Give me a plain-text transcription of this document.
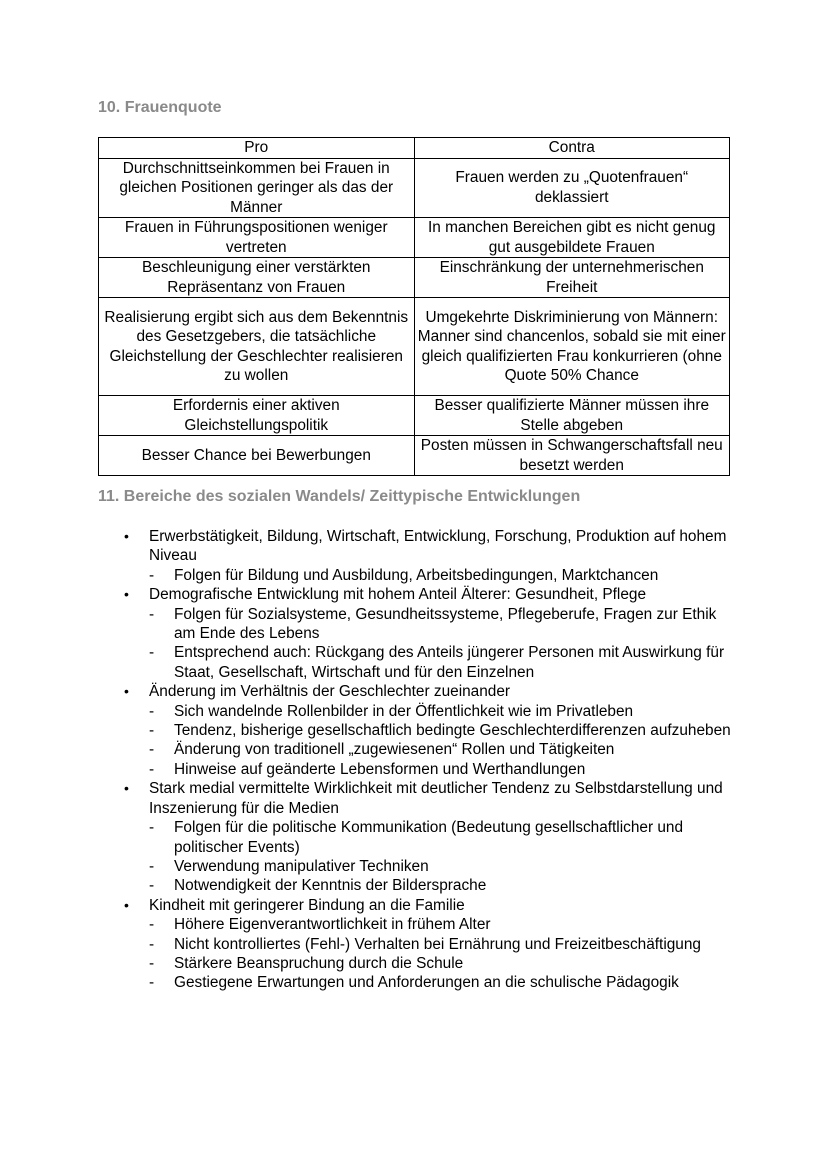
10. Frauenquote
Pro	Contra
Durchschnittseinkommen bei Frauen in gleichen Positionen geringer als das der Männer	Frauen werden zu „Quotenfrauen“ deklassiert
Frauen in Führungspositionen weniger vertreten	In manchen Bereichen gibt es nicht genug gut ausgebildete Frauen
Beschleunigung einer verstärkten Repräsentanz von Frauen	Einschränkung der unternehmerischen Freiheit
Realisierung ergibt sich aus dem Bekenntnis des Gesetzgebers, die tatsächliche Gleichstellung der Geschlechter realisieren zu wollen	Umgekehrte Diskriminierung von Männern: Manner sind chancenlos, sobald sie mit einer gleich qualifizierten Frau konkurrieren (ohne Quote 50% Chance
Erfordernis einer aktiven Gleichstellungspolitik	Besser qualifizierte Männer müssen ihre Stelle abgeben
Besser Chance bei Bewerbungen	Posten müssen in Schwangerschaftsfall neu besetzt werden
11. Bereiche des sozialen Wandels/ Zeittypische Entwicklungen
• Erwerbstätigkeit, Bildung, Wirtschaft, Entwicklung, Forschung, Produktion auf hohem Niveau
- Folgen für Bildung und Ausbildung, Arbeitsbedingungen, Marktchancen
• Demografische Entwicklung mit hohem Anteil Älterer: Gesundheit, Pflege
- Folgen für Sozialsysteme, Gesundheitssysteme, Pflegeberufe, Fragen zur Ethik am Ende des Lebens
- Entsprechend auch: Rückgang des Anteils jüngerer Personen mit Auswirkung für Staat, Gesellschaft, Wirtschaft und für den Einzelnen
• Änderung im Verhältnis der Geschlechter zueinander
- Sich wandelnde Rollenbilder in der Öffentlichkeit wie im Privatleben
- Tendenz, bisherige gesellschaftlich bedingte Geschlechterdifferenzen aufzuheben
- Änderung von traditionell „zugewiesenen“ Rollen und Tätigkeiten
- Hinweise auf geänderte Lebensformen und Werthandlungen
• Stark medial vermittelte Wirklichkeit mit deutlicher Tendenz zu Selbstdarstellung und Inszenierung für die Medien
- Folgen für die politische Kommunikation (Bedeutung gesellschaftlicher und politischer Events)
- Verwendung manipulativer Techniken
- Notwendigkeit der Kenntnis der Bildersprache
• Kindheit mit geringerer Bindung an die Familie
- Höhere Eigenverantwortlichkeit in frühem Alter
- Nicht kontrolliertes (Fehl-) Verhalten bei Ernährung und Freizeitbeschäftigung
- Stärkere Beanspruchung durch die Schule
- Gestiegene Erwartungen und Anforderungen an die schulische Pädagogik
